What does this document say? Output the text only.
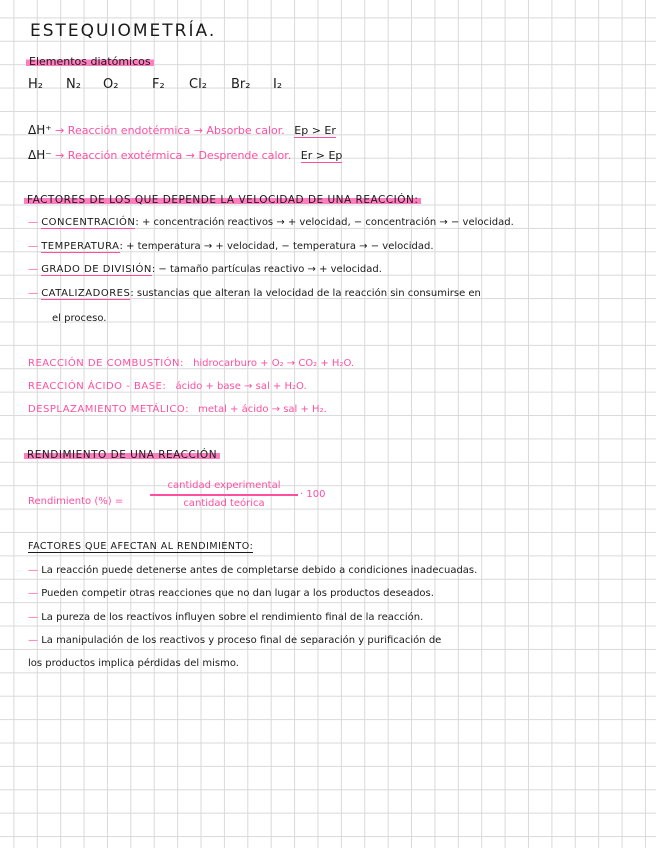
ESTEQUIOMETRÍA.
Elementos diatómicos
H₂ N₂ O₂	F₂ Cl₂ Br₂ I₂
ΔH⁺ → Reacción endotérmica → Absorbe calor. Ep > Er
ΔH⁻ → Reacción exotérmica → Desprende calor. Er > Ep
FACTORES DE LOS QUE DEPENDE LA VELOCIDAD DE UNA REACCIÓN:
— CONCENTRACIÓN: + concentración reactivos → + velocidad, − concentración → − velocidad.
— TEMPERATURA: + temperatura → + velocidad, − temperatura → − velocidad.
— GRADO DE DIVISIÓN: − tamaño partículas reactivo → + velocidad.
— CATALIZADORES: sustancias que alteran la velocidad de la reacción sin consumirse en
el proceso.
REACCIÓN DE COMBUSTIÓN: hidrocarburo + O₂ → CO₂ + H₂O.
REACCIÓN ÁCIDO - BASE: ácido + base → sal + H₂O.
DESPLAZAMIENTO METÁLICO: metal + ácido → sal + H₂.
RENDIMIENTO DE UNA REACCIÓN
Rendimiento (%) =
cantidad experimental
cantidad teórica
· 100
FACTORES QUE AFECTAN AL RENDIMIENTO:
— La reacción puede detenerse antes de completarse debido a condiciones inadecuadas.
— Pueden competir otras reacciones que no dan lugar a los productos deseados.
— La pureza de los reactivos influyen sobre el rendimiento final de la reacción.
— La manipulación de los reactivos y proceso final de separación y purificación de
los productos implica pérdidas del mismo.
